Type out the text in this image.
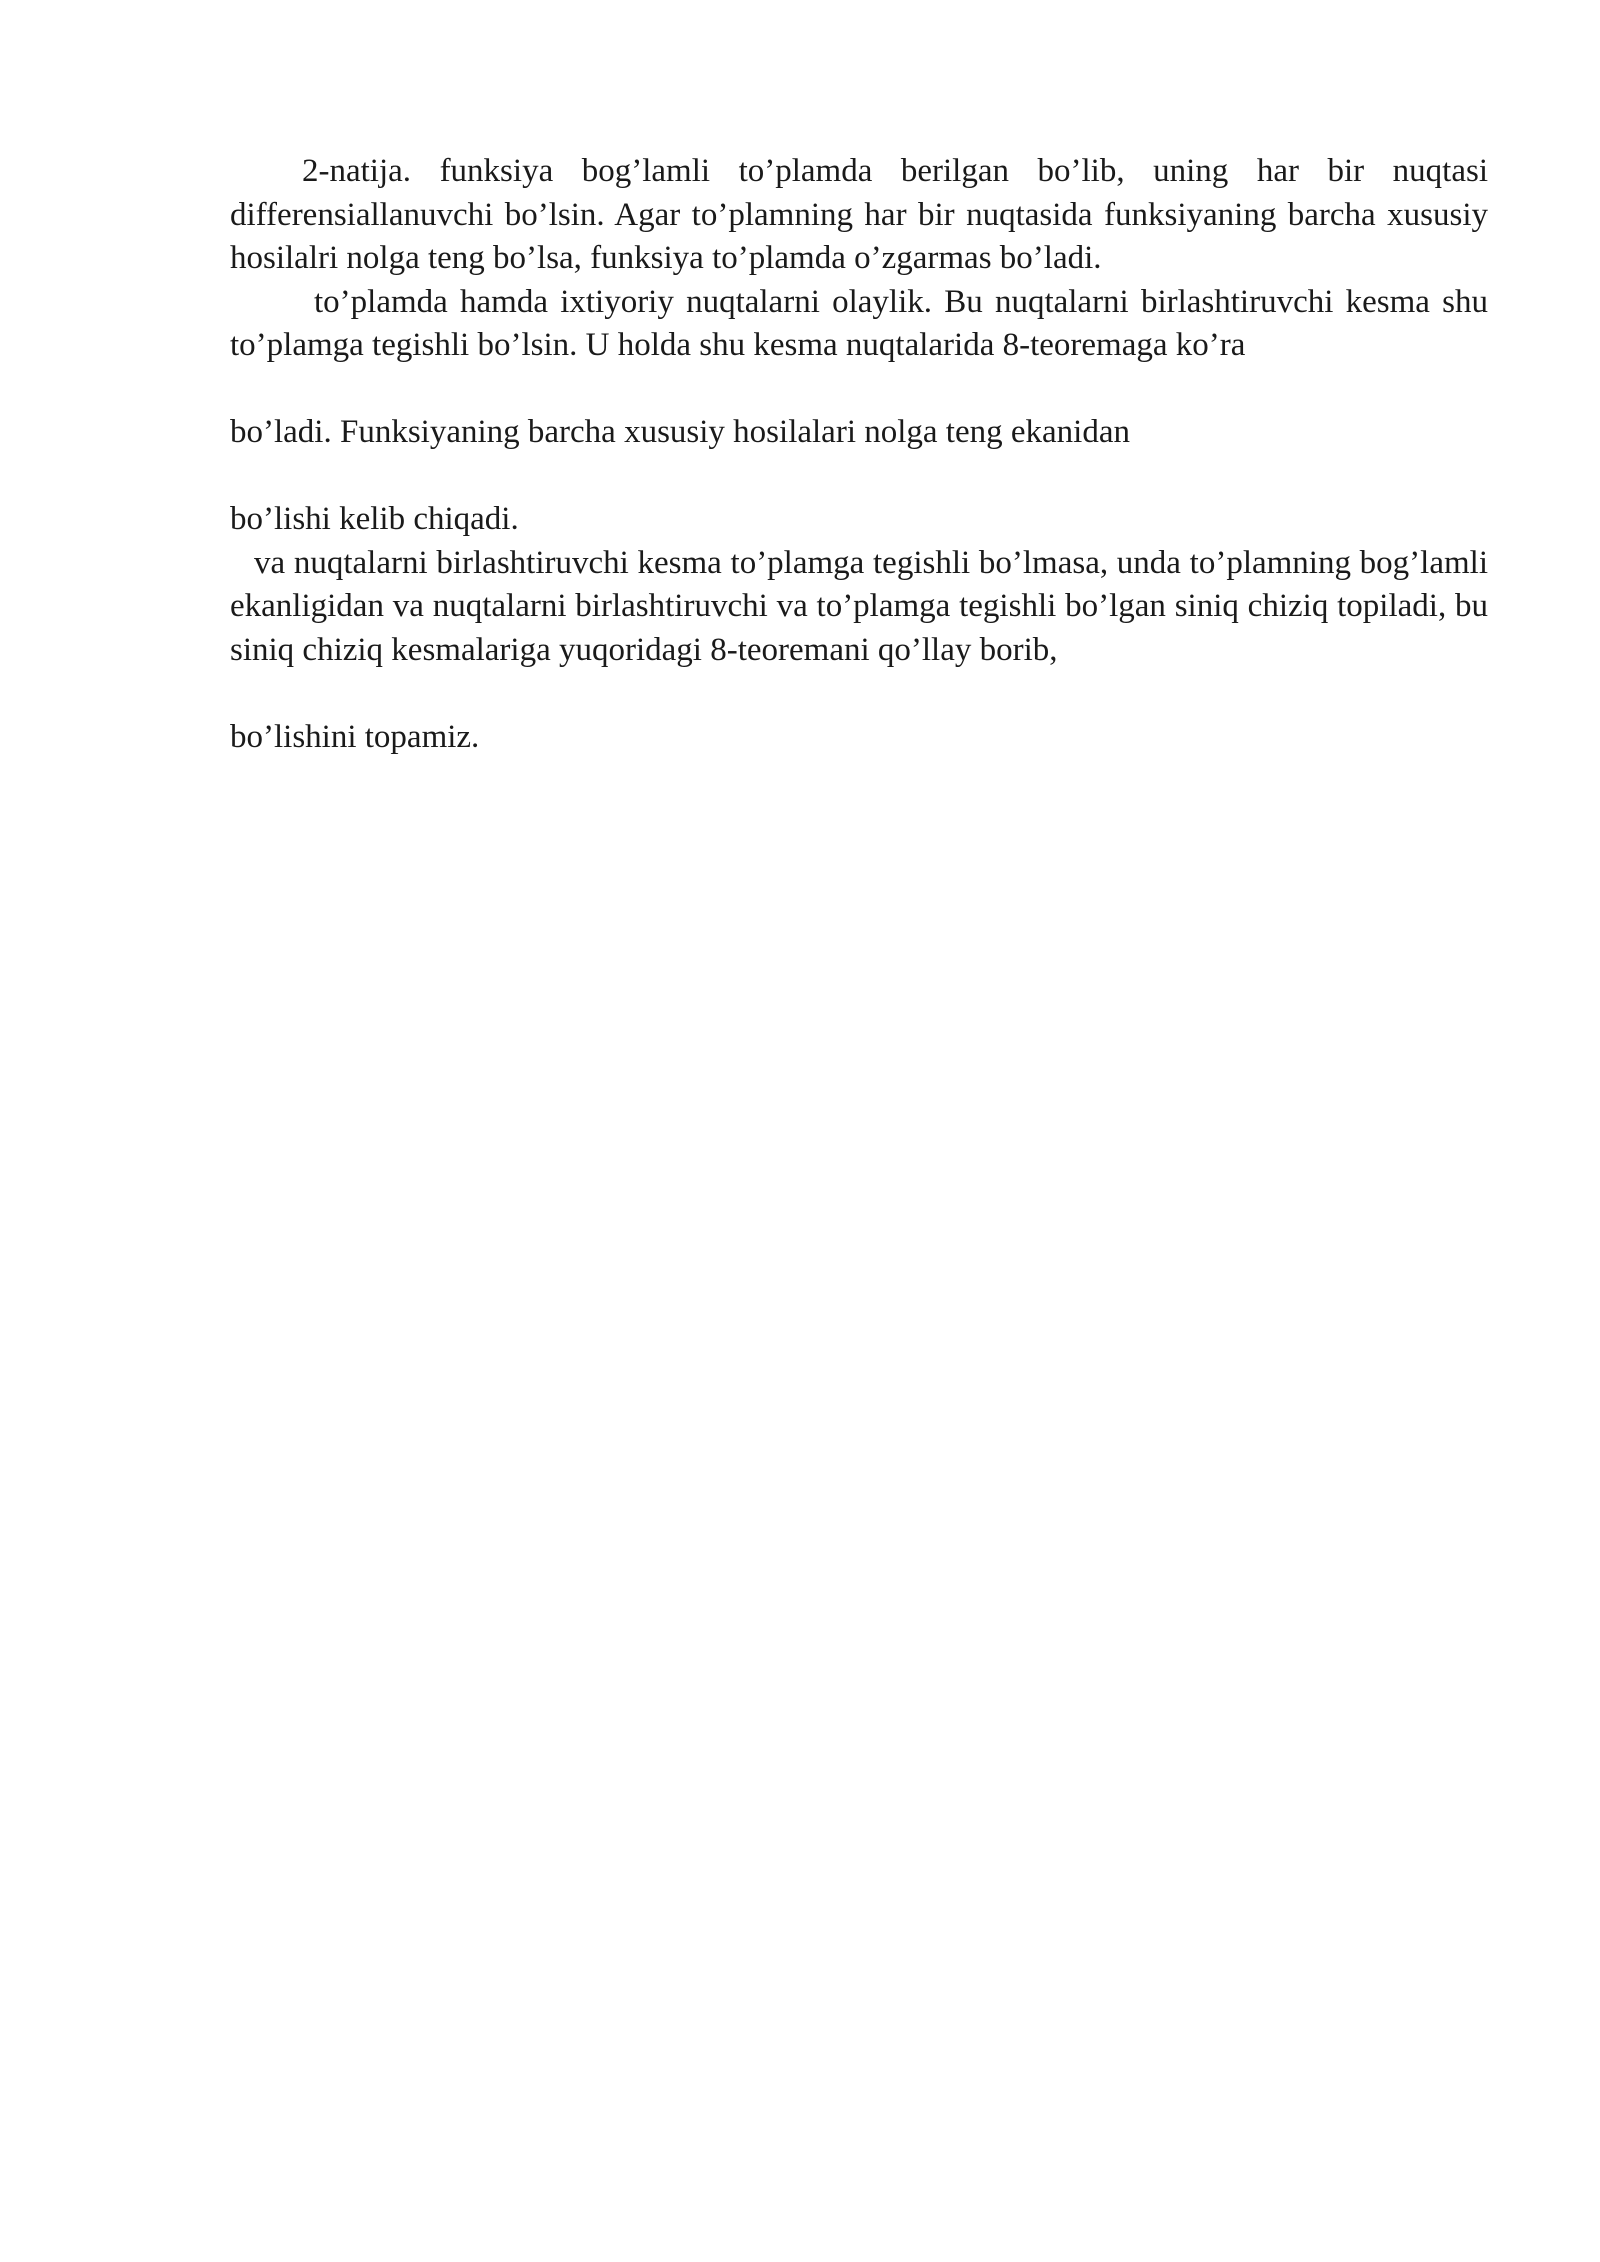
2-natija. funksiya bog’lamli to’plamda berilgan bo’lib, uning har bir nuqtasi differensiallanuvchi bo’lsin. Agar to’plamning har bir nuqtasida funksiyaning barcha xususiy hosilalri nolga teng bo’lsa, funksiya to’plamda o’zgarmas bo’ladi.

to’plamda hamda ixtiyoriy nuqtalarni olaylik. Bu nuqtalarni birlashtiruvchi kesma shu to’plamga tegishli bo’lsin. U holda shu kesma nuqtalarida 8-teoremaga ko’ra

bo’ladi. Funksiyaning barcha xususiy hosilalari nolga teng ekanidan

bo’lishi kelib chiqadi.

va nuqtalarni birlashtiruvchi kesma to’plamga tegishli bo’lmasa, unda to’plamning bog’lamli ekanligidan va nuqtalarni birlashtiruvchi va to’plamga tegishli bo’lgan siniq chiziq topiladi, bu siniq chiziq kesmalariga yuqoridagi 8-teoremani qo’llay borib,

bo’lishini topamiz.
